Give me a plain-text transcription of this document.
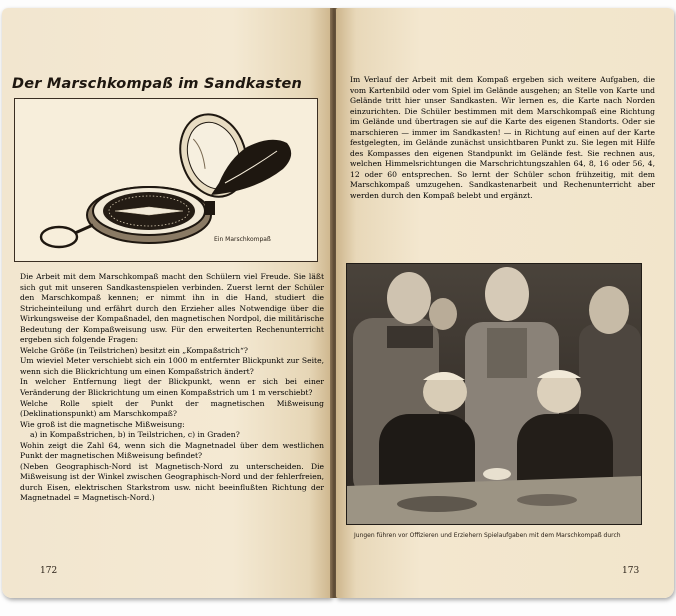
Der Marschkompaß im Sandkasten
Ein Marschkompaß

Die Arbeit mit dem Marschkompaß macht den Schülern viel Freude. Sie läßt sich gut mit unseren Sandkastenspielen verbinden. Zuerst lernt der Schüler den Marschkompaß kennen; er nimmt ihn in die Hand, studiert die Stricheinteilung und erfährt durch den Erzieher alles Notwendige über die Wirkungsweise der Kompaßnadel, den magnetischen Nordpol, die militärische Bedeutung der Kompaßweisung usw. Für den erweiterten Rechenunterricht ergeben sich folgende Fragen:

Welche Größe (in Teilstrichen) besitzt ein „Kompaßstrich“?

Um wieviel Meter verschiebt sich ein 1000 m entfernter Blickpunkt zur Seite, wenn sich die Blickrichtung um einen Kompaßstrich ändert?

In welcher Entfernung liegt der Blickpunkt, wenn er sich bei einer Veränderung der Blickrichtung um einen Kompaßstrich um 1 m verschiebt?

Welche Rolle spielt der Punkt der magnetischen Mißweisung (Deklinationspunkt) am Marschkompaß?

Wie groß ist die magnetische Mißweisung:

a) in Kompaßstrichen, b) in Teilstrichen, c) in Graden?

Wohin zeigt die Zahl 64, wenn sich die Magnetnadel über dem westlichen Punkt der magnetischen Mißweisung befindet?

(Neben Geographisch-Nord ist Magnetisch-Nord zu unterscheiden. Die Mißweisung ist der Winkel zwischen Geographisch-Nord und der fehlerfreien, durch Eisen, elektrischen Starkstrom usw. nicht beeinflußten Richtung der Magnetnadel = Magnetisch-Nord.)

172

Im Verlauf der Arbeit mit dem Kompaß ergeben sich weitere Aufgaben, die vom Kartenbild oder vom Spiel im Gelände ausgehen; an Stelle von Karte und Gelände tritt hier unser Sandkasten. Wir lernen es, die Karte nach Norden einzurichten. Die Schüler bestimmen mit dem Marschkompaß eine Richtung im Gelände und übertragen sie auf die Karte des eigenen Standorts. Oder sie marschieren — immer im Sandkasten! — in Richtung auf einen auf der Karte festgelegten, im Gelände zunächst unsichtbaren Punkt zu. Sie legen mit Hilfe des Kompasses den eigenen Standpunkt im Gelände fest. Sie rechnen aus, welchen Himmelsrichtungen die Marschrichtungszahlen 64, 8, 16 oder 56, 4, 12 oder 60 entsprechen. So lernt der Schüler schon frühzeitig, mit dem Marschkompaß umzugehen. Sandkastenarbeit und Rechenunterricht aber werden durch den Kompaß belebt und ergänzt.

Jungen führen vor Offizieren und Erziehern Spielaufgaben mit dem Marschkompaß durch
173
